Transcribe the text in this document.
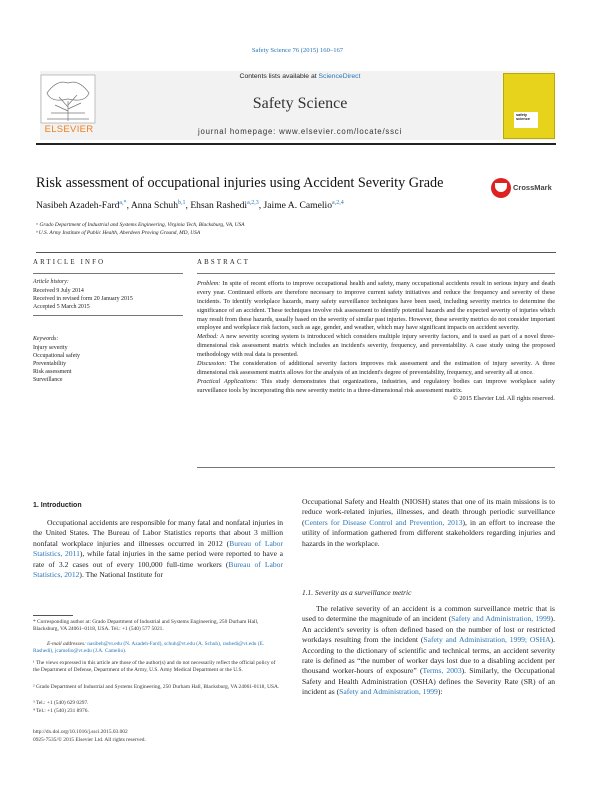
Safety Science 76 (2015) 160–167
ELSEVIER
Contents lists available at ScienceDirect
Safety Science
journal homepage: www.elsevier.com/locate/ssci
safety science
Risk assessment of occupational injuries using Accident Severity Grade	CrossMark
Nasibeh Azadeh-Fard$^{a,*}$, Anna Schuh$^{b,1}$, Ehsan Rashedi$^{a,2,3}$, Jaime A. Camelio$^{a,2,4}$
ᵃ Grado Department of Industrial and Systems Engineering, Virginia Tech, Blacksburg, VA, USA
ᵇ U.S. Army Institute of Public Health, Aberdeen Proving Ground, MD, USA
ARTICLE INFO
Article history:
Received 9 July 2014
Received in revised form 20 January 2015
Accepted 5 March 2015
Keywords:
Injury severity
Occupational safety
Preventability
Risk assessment
Surveillance
ABSTRACT

Problem: In spite of recent efforts to improve occupational health and safety, many occupational accidents result in serious injury and death every year. Continued efforts are therefore necessary to improve current safety initiatives and reduce the frequency and severity of these incidents. To identify workplace hazards, many safety surveillance techniques have been used, including severity metrics to determine the significance of an accident. These techniques involve risk assessment to identify potential hazards and the expected severity of injuries which may result from these hazards, usually based on the severity of similar past injuries. However, these severity metrics do not consider important employee and workplace risk factors, such as age, gender, and weather, which may have significant impacts on accident severity.

Method: A new severity scoring system is introduced which considers multiple injury severity factors, and is used as part of a novel three-dimensional risk assessment matrix which includes an incident's severity, frequency, and preventability. A case study using the proposed methodology with real data is presented.

Discussion: The consideration of additional severity factors improves risk assessment and the estimation of injury severity. A three dimensional risk assessment matrix allows for the analysis of an incident's degree of preventability, frequency, and severity all at once.

Practical Applications: This study demonstrates that organizations, industries, and regulatory bodies can improve workplace safety surveillance tools by incorporating this new severity metric in a three-dimensional risk assessment matrix.

© 2015 Elsevier Ltd. All rights reserved.

1. Introduction

Occupational accidents are responsible for many fatal and nonfatal injuries in the United States. The Bureau of Labor Statistics reports that about 3 million nonfatal workplace injuries and illnesses occurred in 2012 (Bureau of Labor Statistics, 2011), while fatal injuries in the same period were reported to have a rate of 3.2 cases out of every 100,000 full-time workers (Bureau of Labor Statistics, 2012). The National Institute for

* Corresponding author at: Grado Department of Industrial and Systems Engineering, 250 Durham Hall, Blacksburg, VA 24061–0118, USA. Tel.: +1 (540) 577 5021.
E-mail addresses: nasibeh@vt.edu (N. Azadeh-Fard), schuh@vt.edu (A. Schuh), rashedi@vt.edu (E. Rashedi), jcamelio@vt.edu (J.A. Camelio).
¹ The views expressed in this article are those of the author(s) and do not necessarily reflect the official policy of the Department of Defense, Department of the Army, U.S. Army Medical Department or the U.S.
² Grado Department of Industrial and Systems Engineering, 250 Durham Hall, Blacksburg, VA 24061-0118, USA.
³ Tel.: +1 (540) 629 0297.
⁴ Tel.: +1 (540) 231 8976.
http://dx.doi.org/10.1016/j.ssci.2015.03.002
0925-7535/© 2015 Elsevier Ltd. All rights reserved.

Occupational Safety and Health (NIOSH) states that one of its main missions is to reduce work-related injuries, illnesses, and death through periodic surveillance (Centers for Disease Control and Prevention, 2013), in an effort to increase the utility of information gathered from different stakeholders regarding injuries and hazards in the workplace.

1.1. Severity as a surveillance metric

The relative severity of an accident is a common surveillance metric that is used to determine the magnitude of an incident (Safety and Administration, 1999). An accident's severity is often defined based on the number of lost or restricted workdays resulting from the incident (Safety and Administration, 1999; OSHA). According to the dictionary of scientific and technical terms, an accident severity rate is defined as “the number of worker days lost due to a disabling accident per thousand worker-hours of exposure” (Terms, 2003). Similarly, the Occupational Safety and Health Administration (OSHA) defines the Severity Rate (SR) of an incident as (Safety and Administration, 1999):
